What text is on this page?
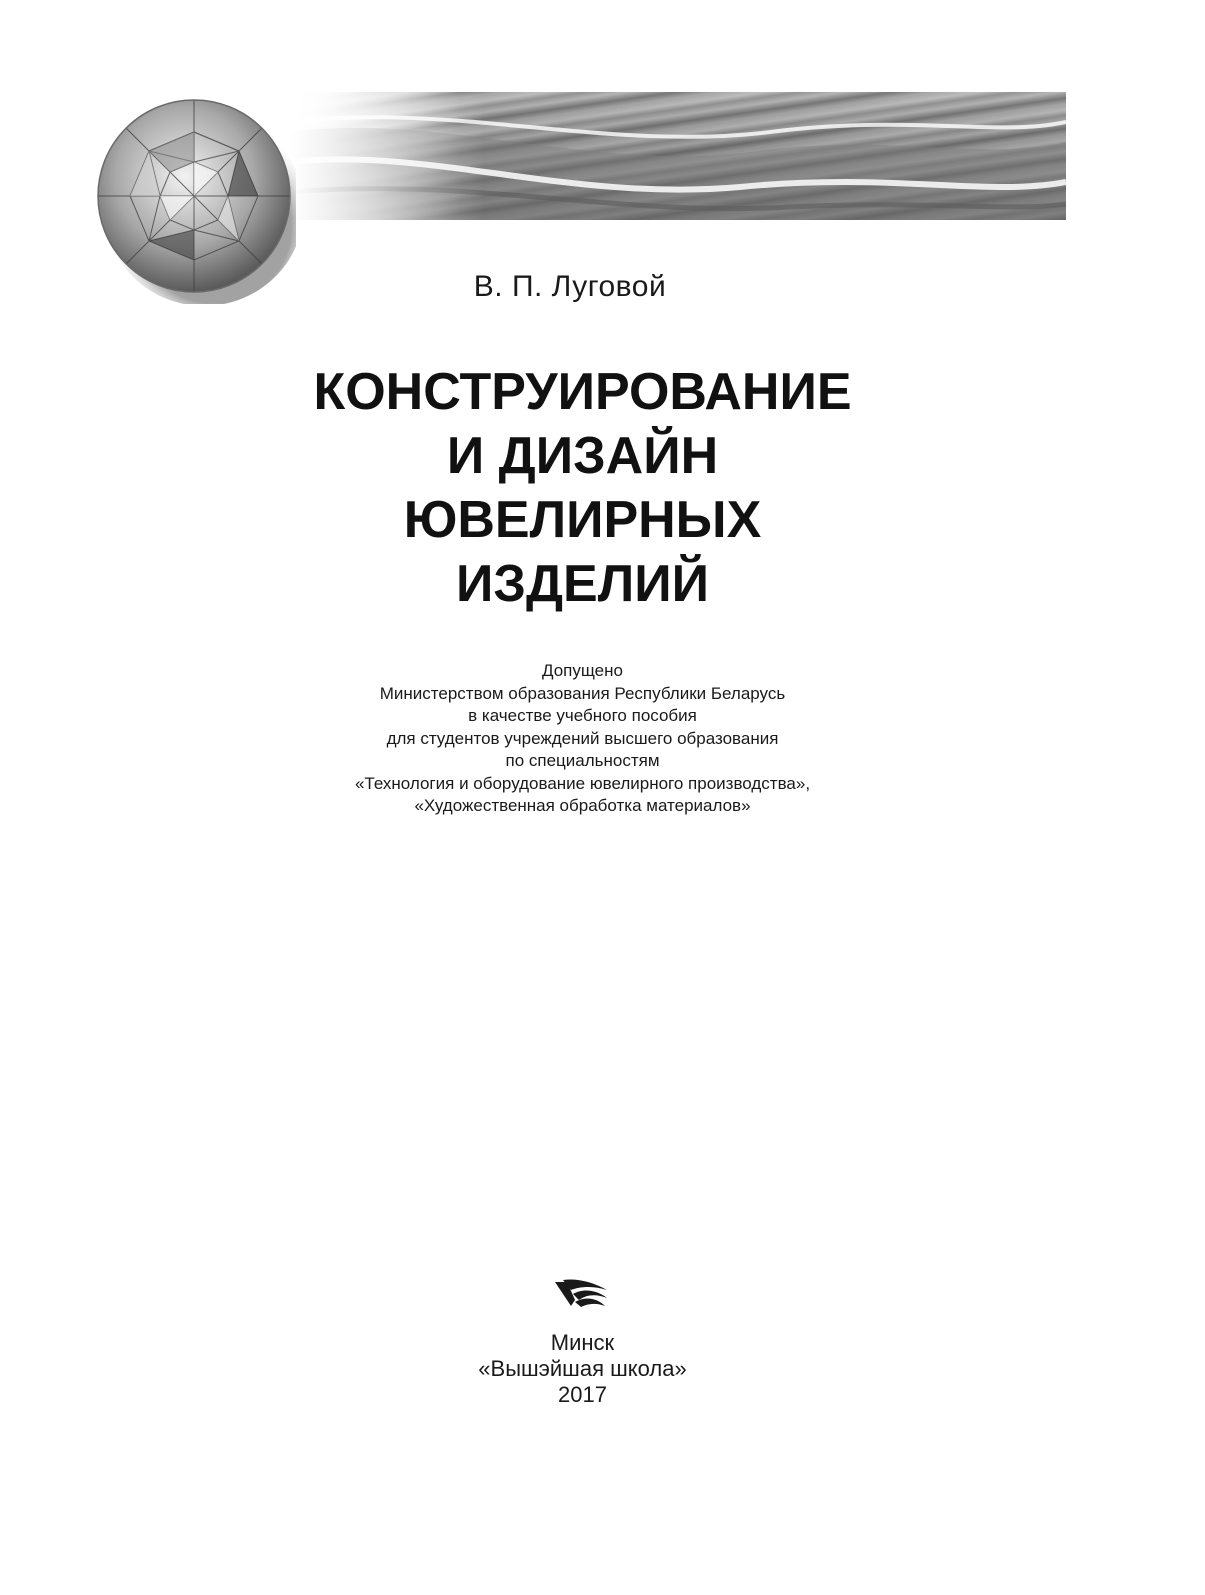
В. П. Луговой
КОНСТРУИРОВАНИЕ
И ДИЗАЙН
ЮВЕЛИРНЫХ
ИЗДЕЛИЙ
Допущено
Министерством образования Республики Беларусь
в качестве учебного пособия
для студентов учреждений высшего образования
по специальностям
«Технология и оборудование ювелирного производства»,
«Художественная обработка материалов»
Минск
«Вышэйшая школа»
2017
